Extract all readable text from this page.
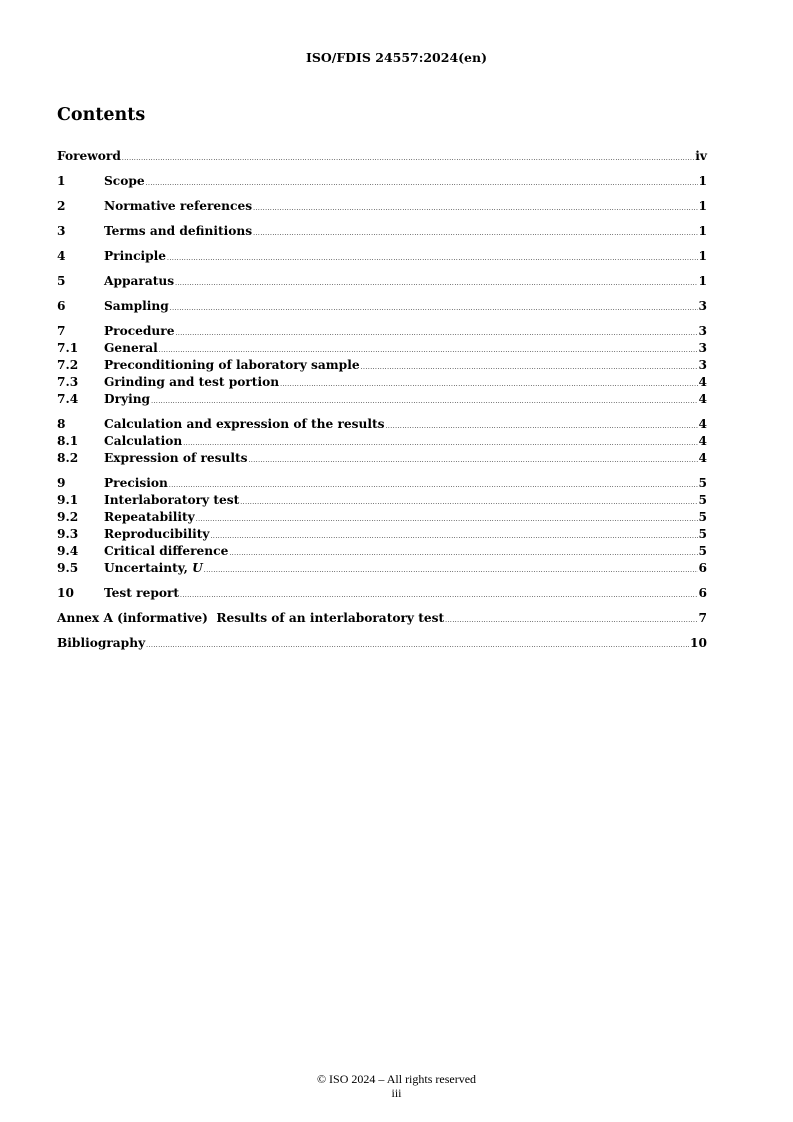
ISO/FDIS 24557:2024(en)
Contents
Foreword .....	iv
1	Scope .....	1
2	Normative references .....	1
3	Terms and definitions .....	1
4	Principle .....	1
5	Apparatus .....	1
6	Sampling .....	3
7	Procedure .....	3
7.1	General .....	3
7.2	Preconditioning of laboratory sample .....	3
7.3	Grinding and test portion .....	4
7.4	Drying .....	4
8	Calculation and expression of the results .....	4
8.1	Calculation .....	4
8.2	Expression of results .....	4
9	Precision .....	5
9.1	Interlaboratory test .....	5
9.2	Repeatability .....	5
9.3	Reproducibility .....	5
9.4	Critical difference .....	5
9.5	Uncertainty, U .....	6
10	Test report .....	6
Annex A (informative)  Results of an interlaboratory test .....	7
Bibliography .....	10
© ISO 2024 – All rights reserved
iii
